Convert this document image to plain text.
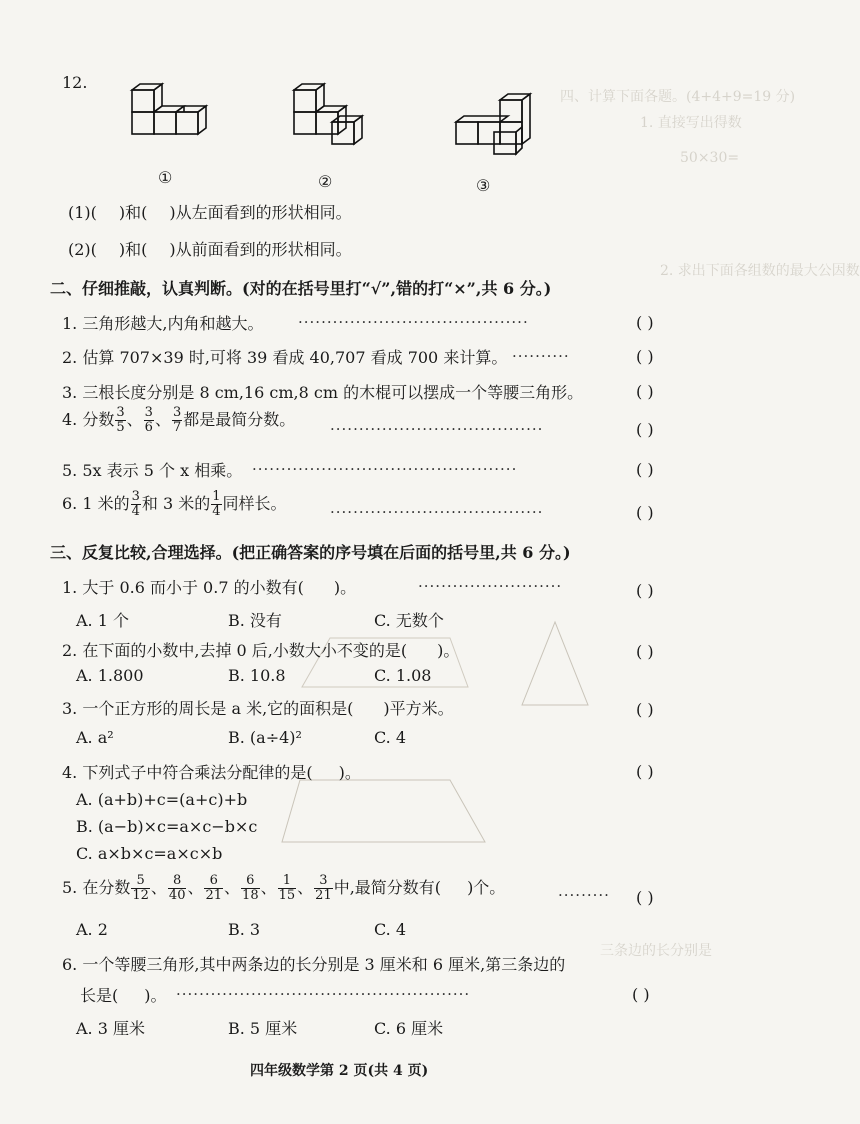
四、计算下面各题。(4+4+9=19 分)
1. 直接写出得数
50×30=
2. 求出下面各组数的最大公因数
三条边的长分别是
12.
①	②	③
(1)( )和( )从左面看到的形状相同。
(2)( )和( )从前面看到的形状相同。
二、仔细推敲，认真判断。(对的在括号里打“√”,错的打“×”,共 6 分。)
1. 三角形越大,内角和越大。 ········································	( )
2. 估算 707×39 时,可将 39 看成 40,707 看成 700 来计算。 ··········	( )
3. 三根长度分别是 8 cm,16 cm,8 cm 的木棍可以摆成一个等腰三角形。	( )
4. 分数 $\frac{3}{5}$ 、 $\frac{3}{6}$ 、 $\frac{3}{7}$ 都是最简分数。 ·····································	( )
5. 5x 表示 5 个 x 相乘。 ··············································	( )
6. 1 米的 $\frac{3}{4}$ 和 3 米的 $\frac{1}{4}$ 同样长。	·····································	( )
三、反复比较,合理选择。(把正确答案的序号填在后面的括号里,共 6 分。)
1. 大于 0.6 而小于 0.7 的小数有( )。	·························	( )
A. 1 个	B. 没有	C. 无数个
2. 在下面的小数中,去掉 0 后,小数大小不变的是( )。	( )
A. 1.800	B. 10.8	C. 1.08
3. 一个正方形的周长是 a 米,它的面积是( )平方米。	( )
A. a²	B. (a÷4)²	C. 4
4. 下列式子中符合乘法分配律的是( )。	( )
A. (a+b)+c=(a+c)+b
B. (a−b)×c=a×c−b×c
C. a×b×c=a×c×b
5. 在分数 $\frac{5}{12}$ 、 $\frac{8}{40}$ 、 $\frac{6}{21}$ 、 $\frac{6}{18}$ 、 $\frac{1}{15}$ 、 $\frac{3}{21}$ 中,最简分数有( )个。	········· ( )
A. 2	B. 3	C. 4
6. 一个等腰三角形,其中两条边的长分别是 3 厘米和 6 厘米,第三条边的
长是( )。 ···················································	( )
A. 3 厘米	B. 5 厘米	C. 6 厘米
四年级数学第 2 页(共 4 页)
